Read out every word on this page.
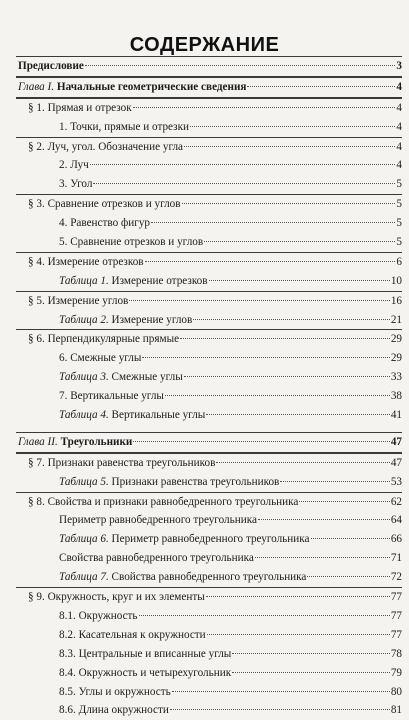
СОДЕРЖАНИЕ
Предисловие	3
Глава I. Начальные геометрические сведения	4
§ 1. Прямая и отрезок	4
1. Точки, прямые и отрезки	4
§ 2. Луч, угол. Обозначение угла	4
2. Луч	4
3. Угол	5
§ 3. Сравнение отрезков и углов	5
4. Равенство фигур	5
5. Сравнение отрезков и углов	5
§ 4. Измерение отрезков	6
Таблица 1. Измерение отрезков	10
§ 5. Измерение углов	16
Таблица 2. Измерение углов	21
§ 6. Перпендикулярные прямые	29
6. Смежные углы	29
Таблица 3. Смежные углы	33
7. Вертикальные углы	38
Таблица 4. Вертикальные углы	41
Глава II. Треугольники	47
§ 7. Признаки равенства треугольников	47
Таблица 5. Признаки равенства треугольников	53
§ 8. Свойства и признаки равнобедренного треугольника	62
Периметр равнобедренного треугольника	64
Таблица 6. Периметр равнобедренного треугольника	66
Свойства равнобедренного треугольника	71
Таблица 7. Свойства равнобедренного треугольника	72
§ 9. Окружность, круг и их элементы	77
8.1. Окружность	77
8.2. Касательная к окружности	77
8.3. Центральные и вписанные углы	78
8.4. Окружность и четырехугольник	79
8.5. Углы и окружность	80
8.6. Длина окружности	81
